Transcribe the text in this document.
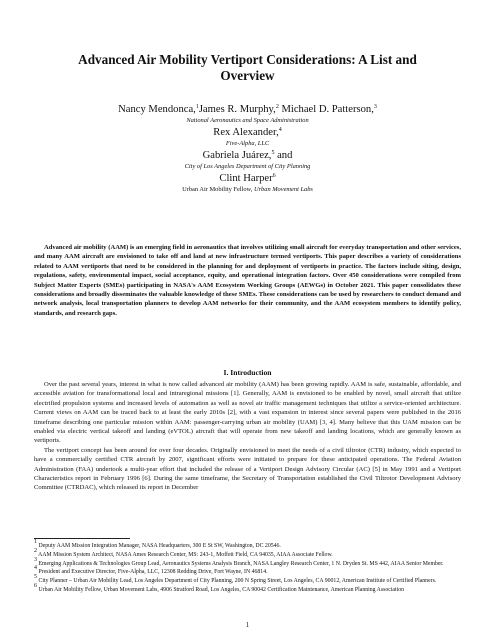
Advanced Air Mobility Vertiport Considerations: A List and
Overview
Nancy Mendonca,$^1$James R. Murphy,$^2$ Michael D. Patterson,$^3$
National Aeronautics and Space Administration
Rex Alexander,$^4$
Five-Alpha, LLC
Gabriela Juárez,$^5$ and
City of Los Angeles Department of City Planning
Clint Harper$^6$
Urban Air Mobility Fellow, Urban Movement Labs

Advanced air mobility (AAM) is an emerging field in aeronautics that involves utilizing small aircraft for everyday transportation and other services, and many AAM aircraft are envisioned to take off and land at new infrastructure termed vertiports. This paper describes a variety of considerations related to AAM vertiports that need to be considered in the planning for and deployment of vertiports in practice. The factors include siting, design, regulations, safety, environmental impact, social acceptance, equity, and operational integration factors. Over 450 considerations were compiled from Subject Matter Experts (SMEs) participating in NASA's AAM Ecosystem Working Groups (AEWGs) in October 2021. This paper consolidates these considerations and broadly disseminates the valuable knowledge of these SMEs. These considerations can be used by researchers to conduct demand and network analysis, local transportation planners to develop AAM networks for their community, and the AAM ecosystem members to identify policy, standards, and research gaps.

I. Introduction

Over the past several years, interest in what is now called advanced air mobility (AAM) has been growing rapidly. AAM is safe, sustainable, affordable, and accessible aviation for transformational local and intraregional missions [1]. Generally, AAM is envisioned to be enabled by novel, small aircraft that utilize electrified propulsion systems and increased levels of automation as well as novel air traffic management techniques that utilize a service-oriented architecture. Current views on AAM can be traced back to at least the early 2010s [2], with a vast expansion in interest since several papers were published in the 2016 timeframe describing one particular mission within AAM: passenger-carrying urban air mobility (UAM) [3, 4]. Many believe that this UAM mission can be enabled via electric vertical takeoff and landing (eVTOL) aircraft that will operate from new takeoff and landing locations, which are generally known as vertiports.

The vertiport concept has been around for over four decades. Originally envisioned to meet the needs of a civil tiltrotor (CTR) industry, which expected to have a commercially certified CTR aircraft by 2007, significant efforts were initiated to prepare for these anticipated operations. The Federal Aviation Administration (FAA) undertook a multi-year effort that included the release of a Vertiport Design Advisory Circular (AC) [5] in May 1991 and a Vertiport Characteristics report in February 1996 [6]. During the same timeframe, the Secretary of Transportation established the Civil Tiltrotor Development Advisory Committee (CTRDAC), which released its report in December

$^1$ Deputy AAM Mission Integration Manager, NASA Headquarters, 300 E St SW, Washington, DC 20546.
$^2$ AAM Mission System Architect, NASA Ames Research Center, MS: 243-1, Moffett Field, CA 94035, AIAA Associate Fellow.
$^3$ Emerging Applications & Technologies Group Lead, Aeronautics Systems Analysis Branch, NASA Langley Research Center, 1 N. Dryden St. MS 442, AIAA Senior Member.
$^4$ President and Executive Director, Five-Alpha, LLC, 12308 Redding Drive, Fort Wayne, IN 46814.
$^5$ City Planner – Urban Air Mobility Lead, Los Angeles Department of City Planning, 200 N Spring Street, Los Angeles, CA 90012, American Institute of Certified Planners.
$^6$ Urban Air Mobility Fellow, Urban Movement Labs, 4906 Stratford Road, Los Angeles, CA 90042 Certification Maintenance, American Planning Association
1
